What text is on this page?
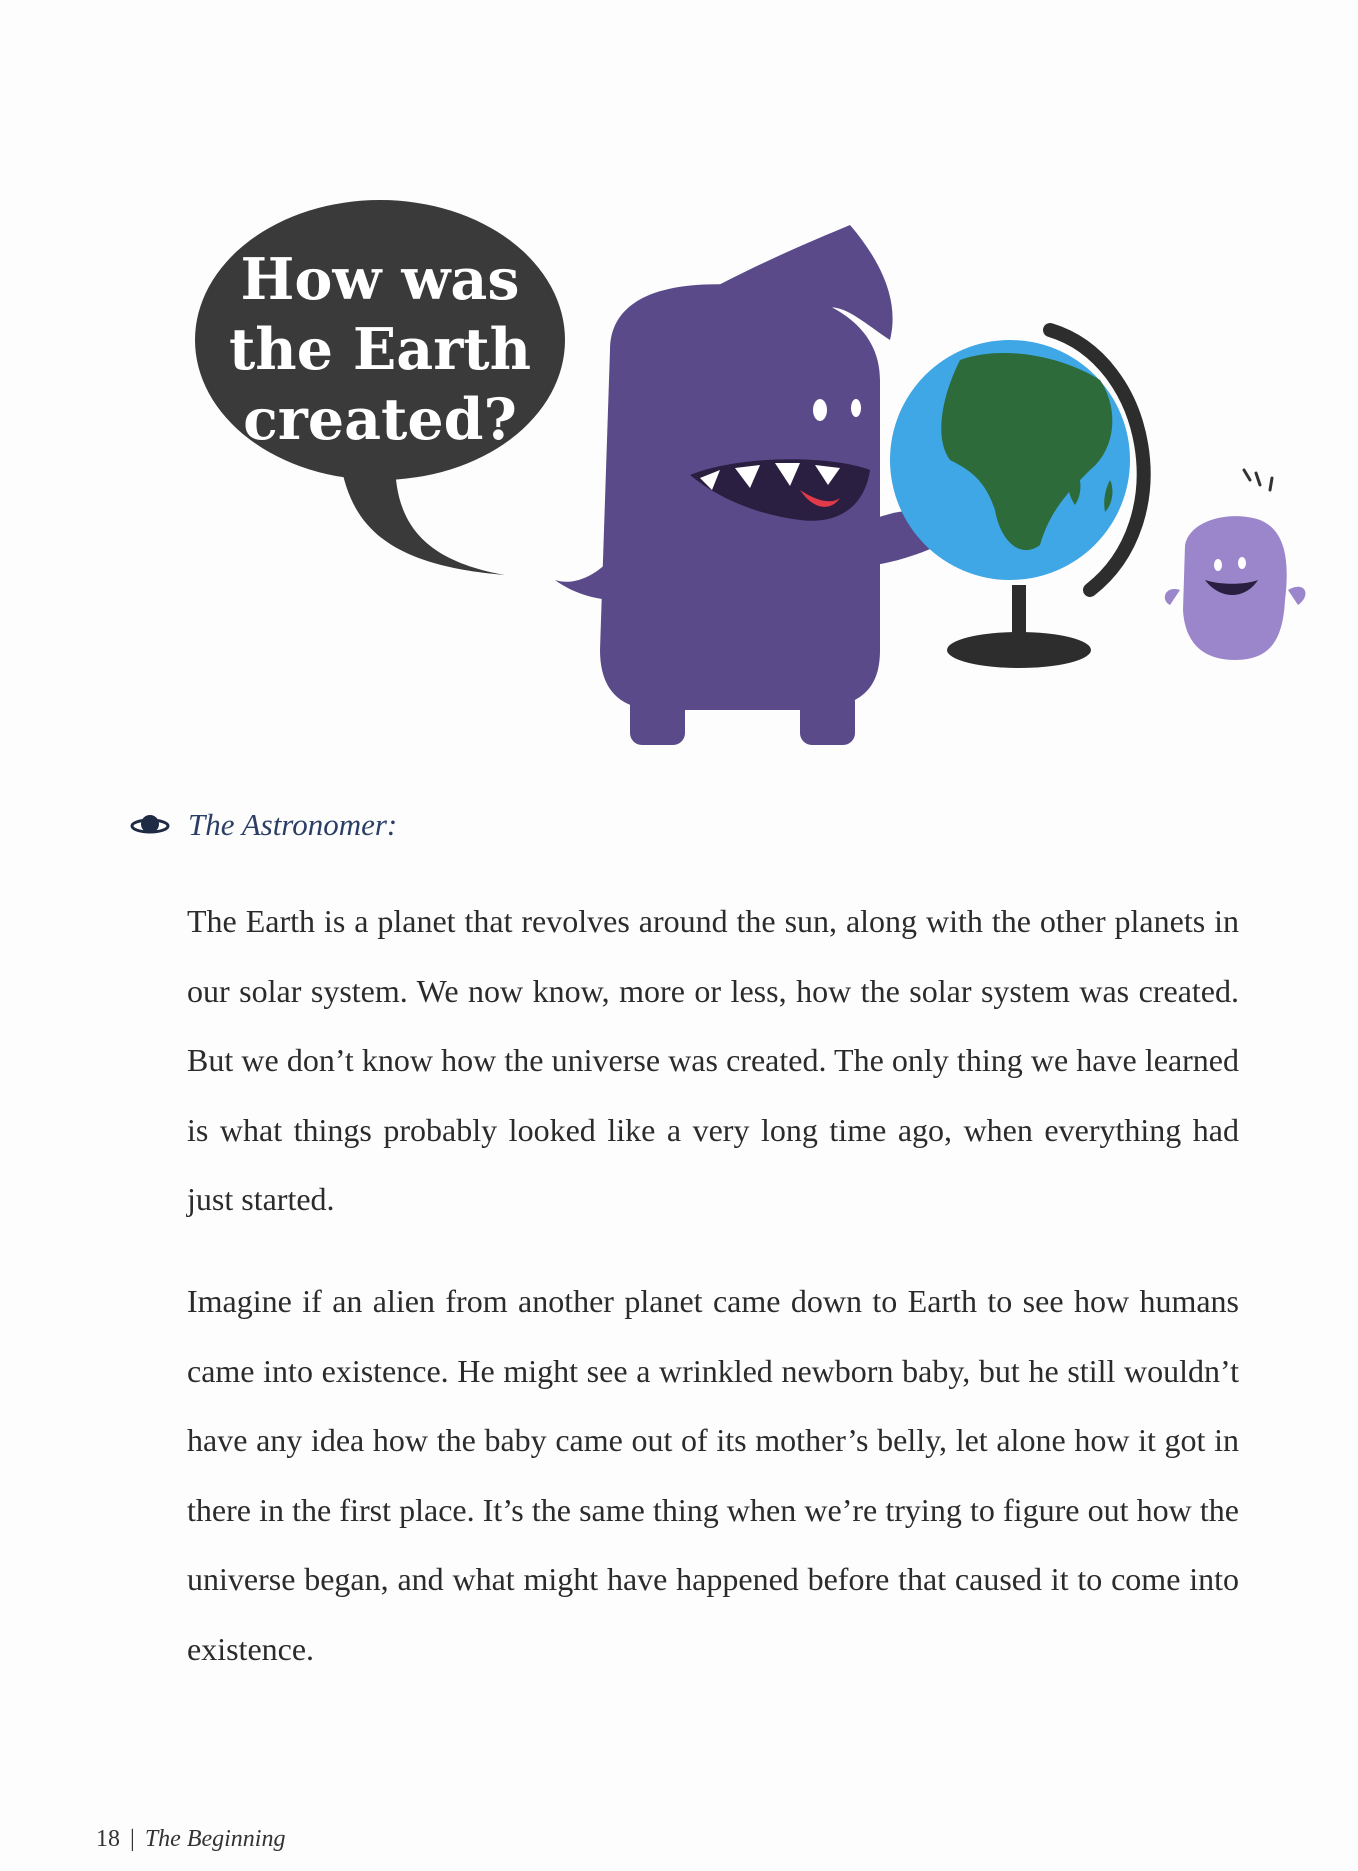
How was
the Earth
created?
The Astronomer:

The Earth is a planet that revolves around the sun, along with the other planets in our solar system. We now know, more or less, how the solar system was created. But we don’t know how the universe was created. The only thing we have learned is what things probably looked like a very long time ago, when everything had just started.

Imagine if an alien from another planet came down to Earth to see how humans came into existence. He might see a wrinkled newborn baby, but he still wouldn’t have any idea how the baby came out of its mother’s belly, let alone how it got in there in the first place. It’s the same thing when we’re trying to figure out how the universe began, and what might have happened before that caused it to come into existence.

18 | The Beginning
